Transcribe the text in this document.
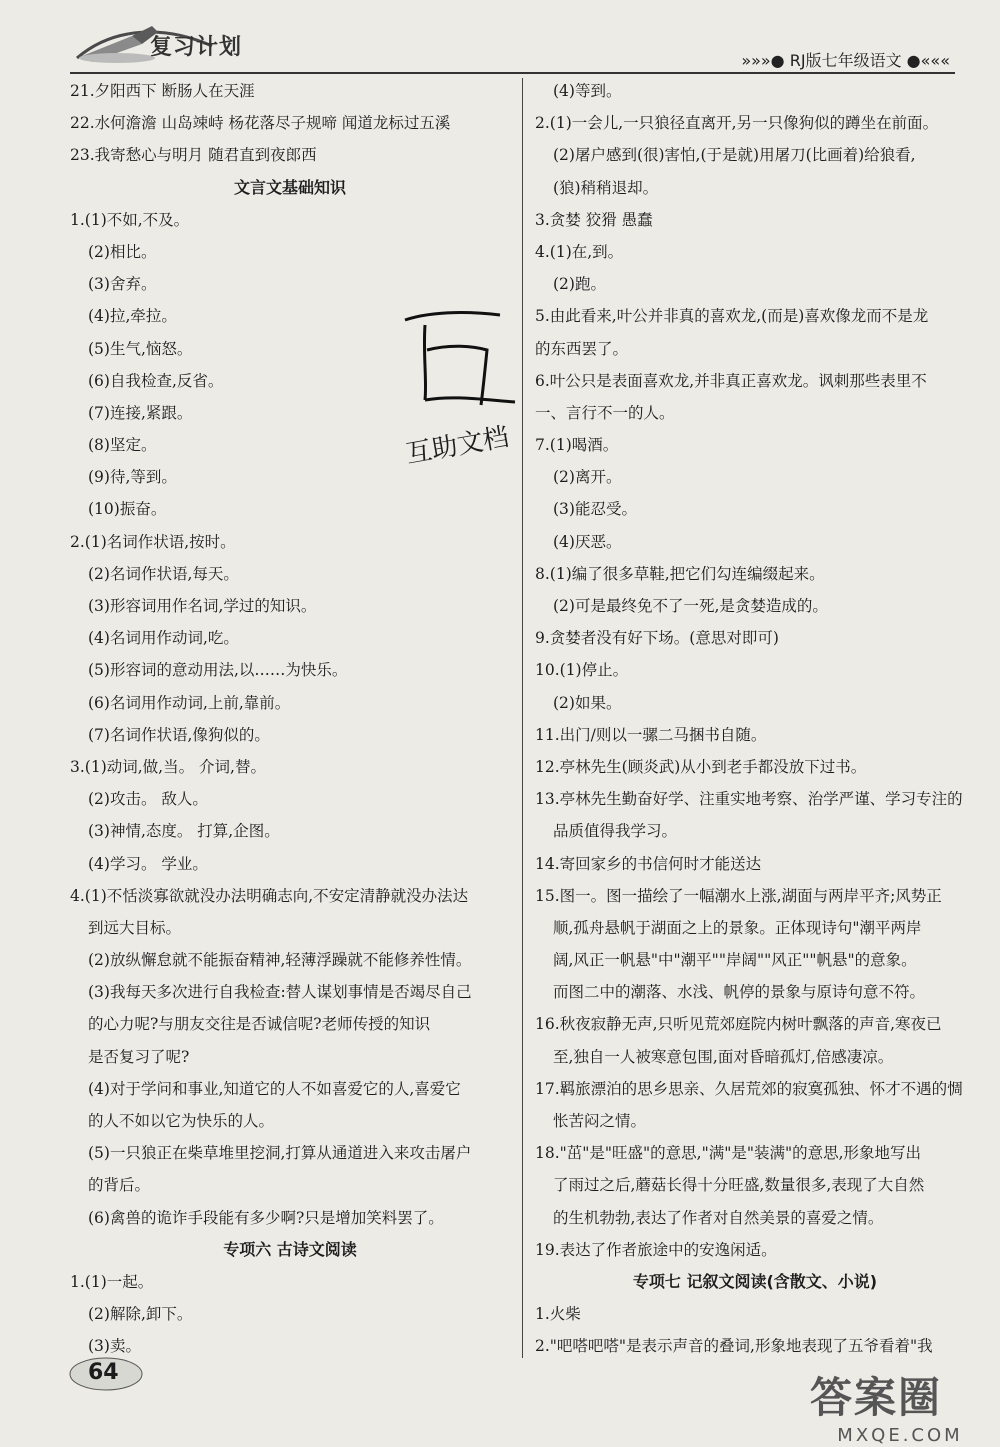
复习计划
»»»● RJ版七年级语文 ●«««
21.夕阳西下 断肠人在天涯
22.水何澹澹 山岛竦峙 杨花落尽子规啼 闻道龙标过五溪
23.我寄愁心与明月 随君直到夜郎西
文言文基础知识
1.(1)不如,不及。
(2)相比。
(3)舍弃。
(4)拉,牵拉。
(5)生气,恼怒。
(6)自我检查,反省。
(7)连接,紧跟。
(8)坚定。
(9)待,等到。
(10)振奋。
2.(1)名词作状语,按时。
(2)名词作状语,每天。
(3)形容词用作名词,学过的知识。
(4)名词用作动词,吃。
(5)形容词的意动用法,以……为快乐。
(6)名词用作动词,上前,靠前。
(7)名词作状语,像狗似的。
3.(1)动词,做,当。 介词,替。
(2)攻击。 敌人。
(3)神情,态度。 打算,企图。
(4)学习。 学业。
4.(1)不恬淡寡欲就没办法明确志向,不安定清静就没办法达
到远大目标。
(2)放纵懈怠就不能振奋精神,轻薄浮躁就不能修养性情。
(3)我每天多次进行自我检查:替人谋划事情是否竭尽自己
的心力呢?与朋友交往是否诚信呢?老师传授的知识
是否复习了呢?
(4)对于学问和事业,知道它的人不如喜爱它的人,喜爱它
的人不如以它为快乐的人。
(5)一只狼正在柴草堆里挖洞,打算从通道进入来攻击屠户
的背后。
(6)禽兽的诡诈手段能有多少啊?只是增加笑料罢了。
专项六 古诗文阅读
1.(1)一起。
(2)解除,卸下。
(3)卖。
(4)等到。
2.(1)一会儿,一只狼径直离开,另一只像狗似的蹲坐在前面。
(2)屠户感到(很)害怕,(于是就)用屠刀(比画着)给狼看,
(狼)稍稍退却。
3.贪婪 狡猾 愚蠢
4.(1)在,到。
(2)跑。
5.由此看来,叶公并非真的喜欢龙,(而是)喜欢像龙而不是龙
的东西罢了。
6.叶公只是表面喜欢龙,并非真正喜欢龙。讽刺那些表里不
一、言行不一的人。
7.(1)喝酒。
(2)离开。
(3)能忍受。
(4)厌恶。
8.(1)编了很多草鞋,把它们勾连编缀起来。
(2)可是最终免不了一死,是贪婪造成的。
9.贪婪者没有好下场。(意思对即可)
10.(1)停止。
(2)如果。
11.出门/则以一骡二马捆书自随。
12.亭林先生(顾炎武)从小到老手都没放下过书。
13.亭林先生勤奋好学、注重实地考察、治学严谨、学习专注的
品质值得我学习。
14.寄回家乡的书信何时才能送达
15.图一。图一描绘了一幅潮水上涨,湖面与两岸平齐;风势正
顺,孤舟悬帆于湖面之上的景象。正体现诗句"潮平两岸
阔,风正一帆悬"中"潮平""岸阔""风正""帆悬"的意象。
而图二中的潮落、水浅、帆停的景象与原诗句意不符。
16.秋夜寂静无声,只听见荒郊庭院内树叶飘落的声音,寒夜已
至,独自一人被寒意包围,面对昏暗孤灯,倍感凄凉。
17.羁旅漂泊的思乡思亲、久居荒郊的寂寞孤独、怀才不遇的惆
怅苦闷之情。
18."茁"是"旺盛"的意思,"满"是"装满"的意思,形象地写出
了雨过之后,蘑菇长得十分旺盛,数量很多,表现了大自然
的生机勃勃,表达了作者对自然美景的喜爱之情。
19.表达了作者旅途中的安逸闲适。
专项七 记叙文阅读(含散文、小说)
1.火柴
2."吧嗒吧嗒"是表示声音的叠词,形象地表现了五爷看着"我
互助文档
64
答案圈
MXQE.COM
